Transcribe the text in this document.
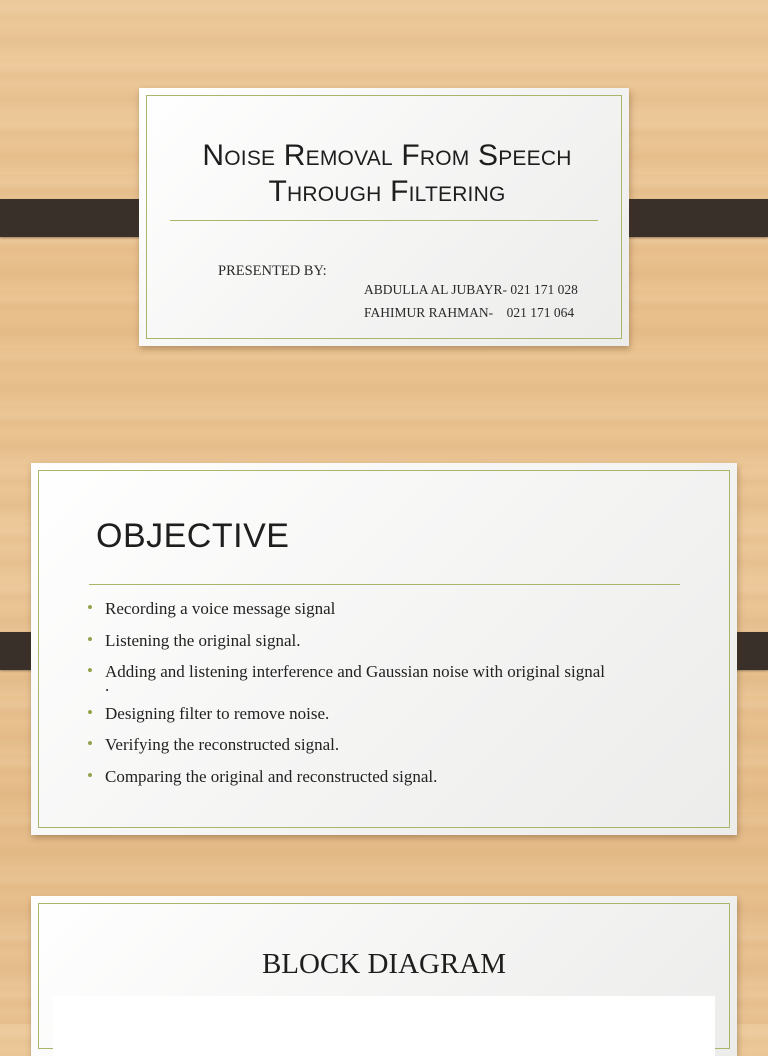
Noise Removal From Speech
Through Filtering
PRESENTED BY:
ABDULLA AL JUBAYR- 021 171 028
FAHIMUR RAHMAN-    021 171 064
OBJECTIVE
• Recording a voice message signal
• Listening the original signal.
• Adding and listening interference and Gaussian noise with original signal
.
• Designing filter to remove noise.
• Verifying the reconstructed signal.
• Comparing the original and reconstructed signal.
BLOCK DIAGRAM
